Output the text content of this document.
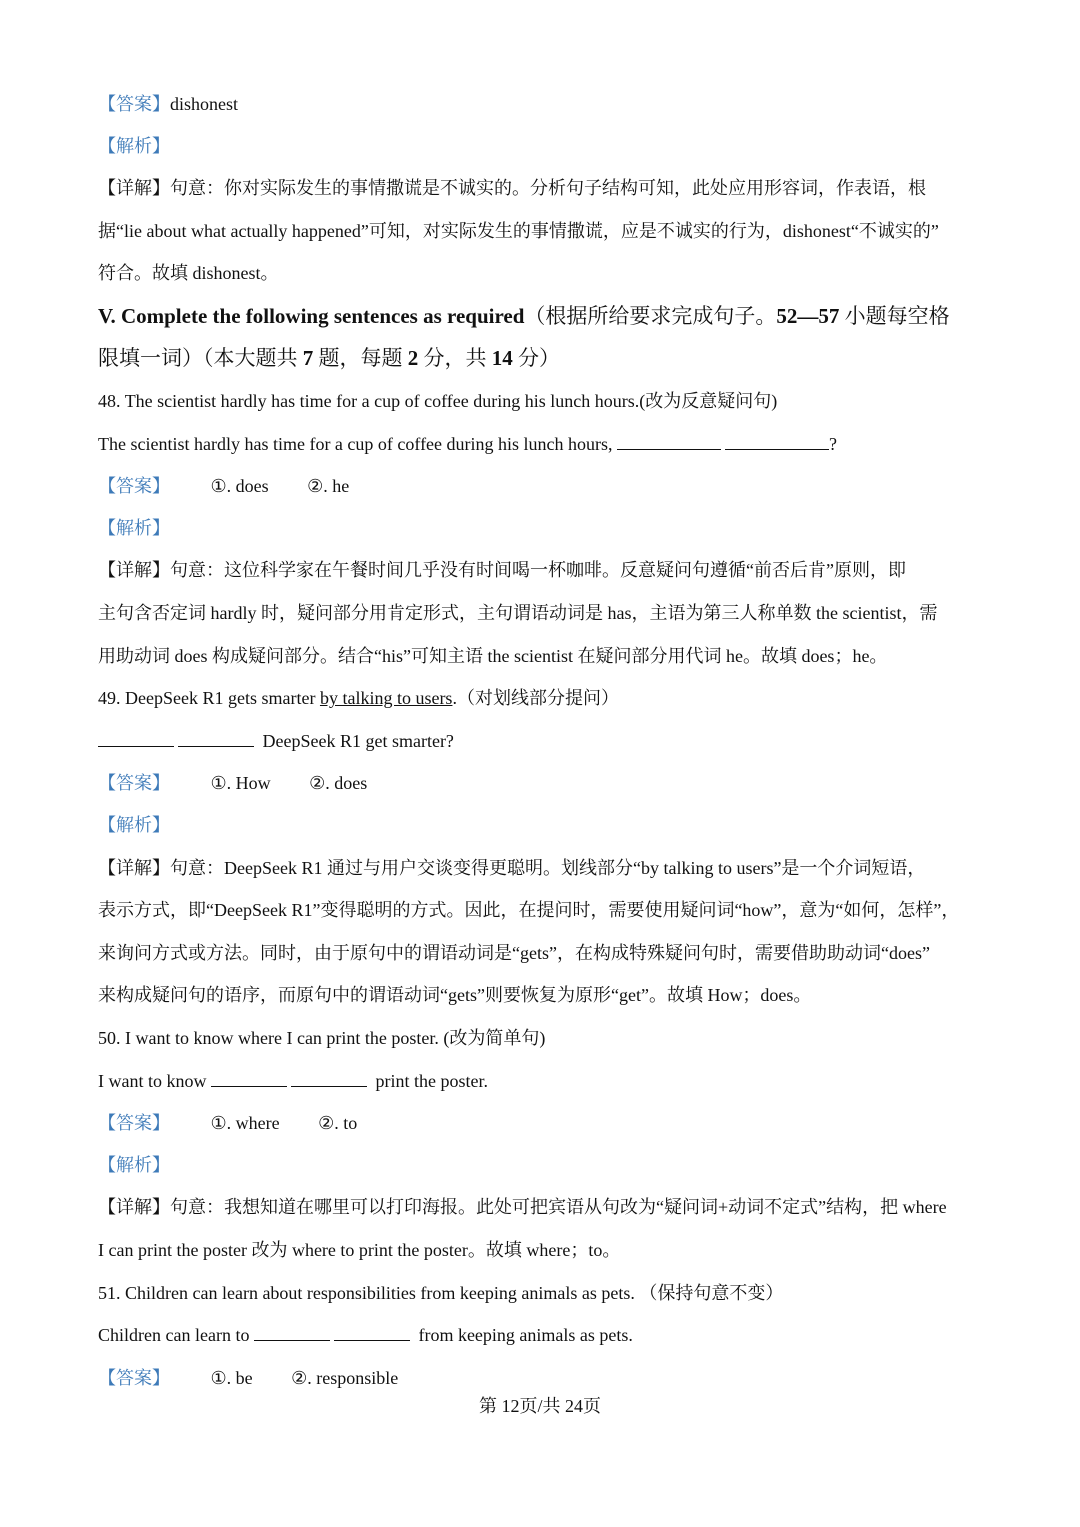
【答案】dishonest
【解析】
【详解】句意：你对实际发生的事情撒谎是不诚实的。分析句子结构可知，此处应用形容词，作表语，根
据“lie about what actually happened”可知，对实际发生的事情撒谎，应是不诚实的行为，dishonest“不诚实的”
符合。故填 dishonest。
V. Complete the following sentences as required（根据所给要求完成句子。52—57 小题每空格
限填一词）（本大题共 7 题，每题 2 分，共 14 分）
48. The scientist hardly has time for a cup of coffee during his lunch hours.(改为反意疑问句)
The scientist hardly has time for a cup of coffee during his lunch hours,	?
【答案】 ①. does ②. he
【解析】
【详解】句意：这位科学家在午餐时间几乎没有时间喝一杯咖啡。反意疑问句遵循“前否后肯”原则，即
主句含否定词 hardly 时，疑问部分用肯定形式，主句谓语动词是 has，主语为第三人称单数 the scientist，需
用助动词 does 构成疑问部分。结合“his”可知主语 the scientist 在疑问部分用代词 he。故填 does；he。
49. DeepSeek R1 gets smarter by talking to users.（对划线部分提问）
DeepSeek R1 get smarter?
【答案】 ①. How ②. does
【解析】
【详解】句意：DeepSeek R1 通过与用户交谈变得更聪明。划线部分“by talking to users”是一个介词短语，
表示方式，即“DeepSeek R1”变得聪明的方式。因此，在提问时，需要使用疑问词“how”，意为“如何，怎样”，
来询问方式或方法。同时，由于原句中的谓语动词是“gets”，在构成特殊疑问句时，需要借助助动词“does”
来构成疑问句的语序，而原句中的谓语动词“gets”则要恢复为原形“get”。故填 How；does。
50. I want to know where I can print the poster. (改为简单句)
I want to know	print the poster.
【答案】 ①. where ②. to
【解析】
【详解】句意：我想知道在哪里可以打印海报。此处可把宾语从句改为“疑问词+动词不定式”结构，把 where
I can print the poster 改为 where to print the poster。故填 where；to。
51. Children can learn about responsibilities from keeping animals as pets. （保持句意不变）
Children can learn to	from keeping animals as pets.
【答案】 ①. be ②. responsible
第 12页/共 24页
